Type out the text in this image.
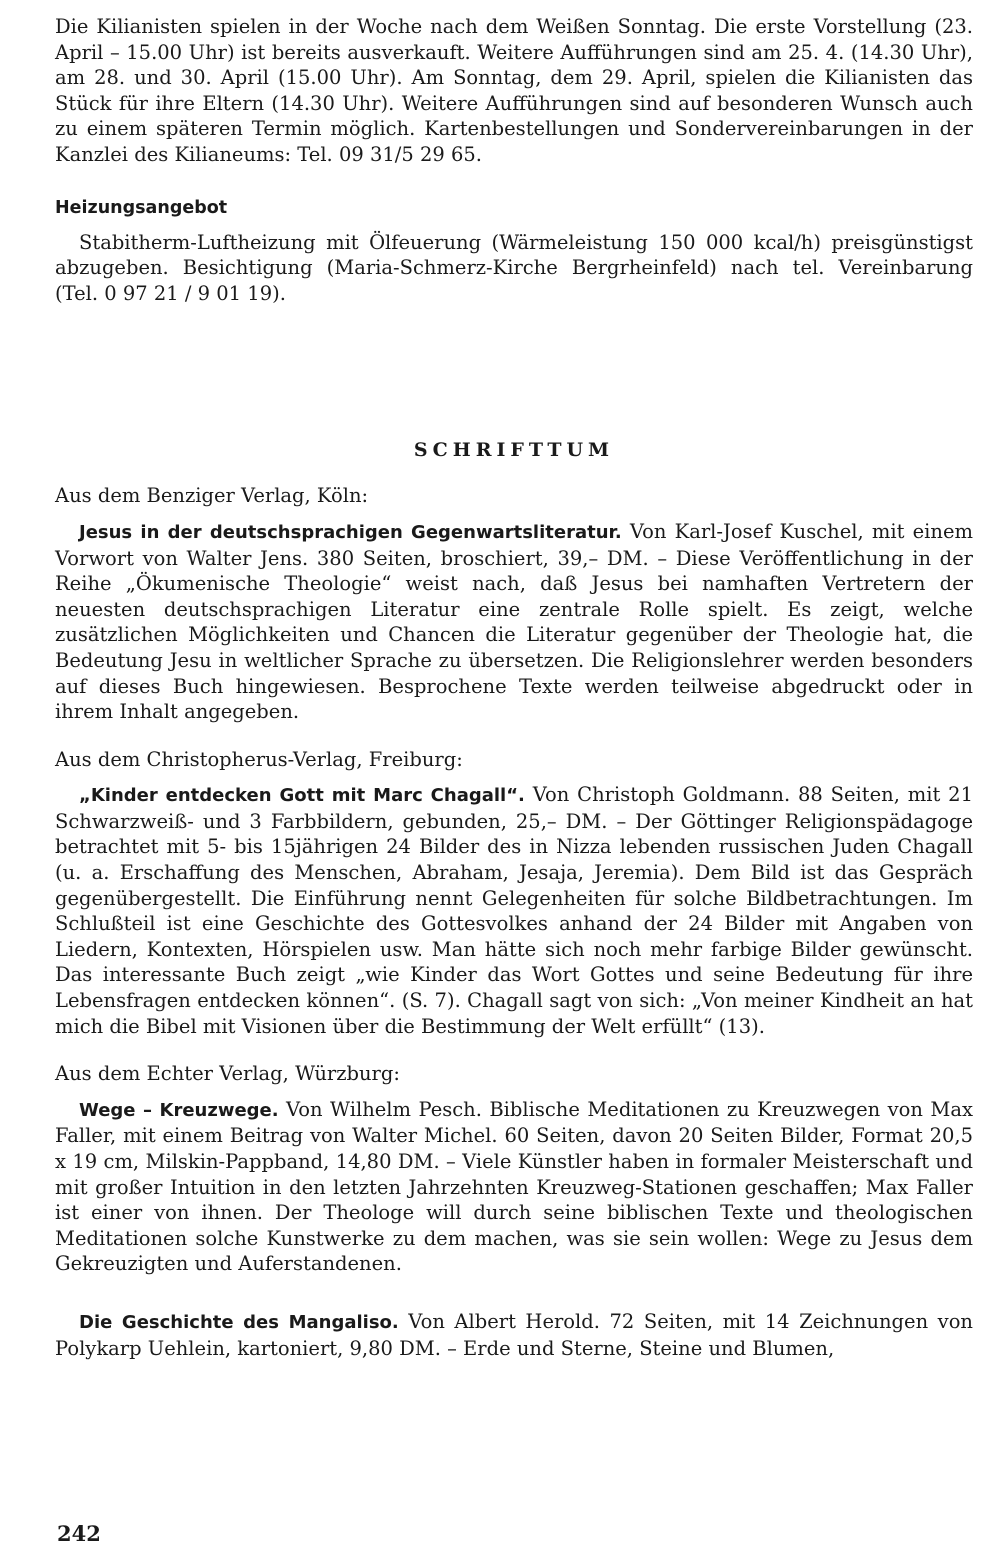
Die Kilianisten spielen in der Woche nach dem Weißen Sonntag. Die erste Vorstellung (23. April – 15.00 Uhr) ist bereits ausverkauft. Weitere Aufführungen sind am 25. 4. (14.30 Uhr), am 28. und 30. April (15.00 Uhr). Am Sonntag, dem 29. April, spielen die Kilianisten das Stück für ihre Eltern (14.30 Uhr). Weitere Aufführungen sind auf besonderen Wunsch auch zu einem späteren Termin möglich. Kartenbestellungen und Sondervereinbarungen in der Kanzlei des Kilianeums: Tel. 09 31/5 29 65.

Heizungsangebot

Stabitherm-Luftheizung mit Ölfeuerung (Wärmeleistung 150 000 kcal/h) preisgünstigst abzugeben. Besichtigung (Maria-Schmerz-Kirche Bergrheinfeld) nach tel. Vereinbarung (Tel. 0 97 21 / 9 01 19).

SCHRIFTTUM

Aus dem Benziger Verlag, Köln:

Jesus in der deutschsprachigen Gegenwartsliteratur. Von Karl-Josef Kuschel, mit einem Vorwort von Walter Jens. 380 Seiten, broschiert, 39,– DM. – Diese Veröffentlichung in der Reihe „Ökumenische Theologie“ weist nach, daß Jesus bei namhaften Vertretern der neuesten deutschsprachigen Literatur eine zentrale Rolle spielt. Es zeigt, welche zusätzlichen Möglichkeiten und Chancen die Literatur gegenüber der Theologie hat, die Bedeutung Jesu in weltlicher Sprache zu übersetzen. Die Religionslehrer werden besonders auf dieses Buch hingewiesen. Besprochene Texte werden teilweise abgedruckt oder in ihrem Inhalt angegeben.

Aus dem Christopherus-Verlag, Freiburg:

„Kinder entdecken Gott mit Marc Chagall“. Von Christoph Goldmann. 88 Seiten, mit 21 Schwarzweiß- und 3 Farbbildern, gebunden, 25,– DM. – Der Göttinger Religionspädagoge betrachtet mit 5- bis 15jährigen 24 Bilder des in Nizza lebenden russischen Juden Chagall (u. a. Erschaffung des Menschen, Abraham, Jesaja, Jeremia). Dem Bild ist das Gespräch gegenübergestellt. Die Einführung nennt Gelegenheiten für solche Bildbetrachtungen. Im Schlußteil ist eine Geschichte des Gottesvolkes anhand der 24 Bilder mit Angaben von Liedern, Kontexten, Hörspielen usw. Man hätte sich noch mehr farbige Bilder gewünscht. Das interessante Buch zeigt „wie Kinder das Wort Gottes und seine Bedeutung für ihre Lebensfragen entdecken können“. (S. 7). Chagall sagt von sich: „Von meiner Kindheit an hat mich die Bibel mit Visionen über die Bestimmung der Welt erfüllt“ (13).

Aus dem Echter Verlag, Würzburg:

Wege – Kreuzwege. Von Wilhelm Pesch. Biblische Meditationen zu Kreuzwegen von Max Faller, mit einem Beitrag von Walter Michel. 60 Seiten, davon 20 Seiten Bilder, Format 20,5 x 19 cm, Milskin-Pappband, 14,80 DM. – Viele Künstler haben in formaler Meisterschaft und mit großer Intuition in den letzten Jahrzehnten Kreuzweg-Stationen geschaffen; Max Faller ist einer von ihnen. Der Theologe will durch seine biblischen Texte und theologischen Meditationen solche Kunstwerke zu dem machen, was sie sein wollen: Wege zu Jesus dem Gekreuzigten und Auferstandenen.

Die Geschichte des Mangaliso. Von Albert Herold. 72 Seiten, mit 14 Zeichnungen von Polykarp Uehlein, kartoniert, 9,80 DM. – Erde und Sterne, Steine und Blumen,

242
